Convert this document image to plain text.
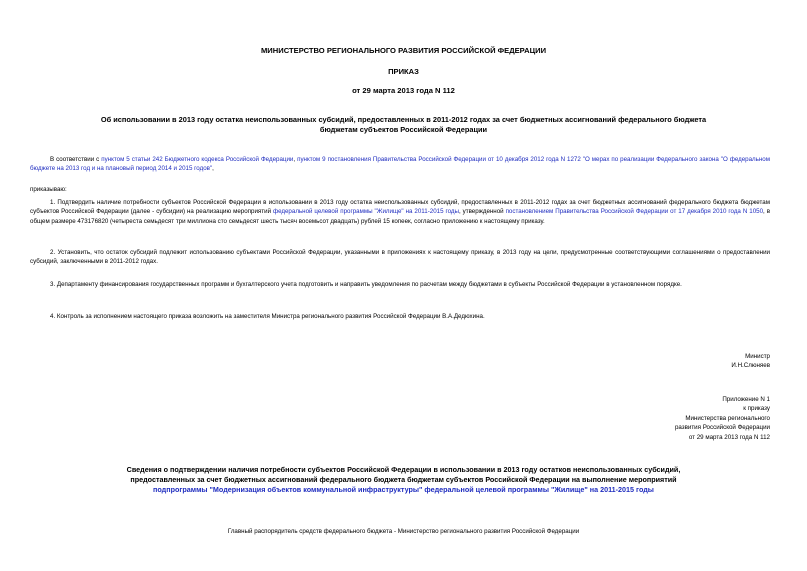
МИНИСТЕРСТВО РЕГИОНАЛЬНОГО РАЗВИТИЯ РОССИЙСКОЙ ФЕДЕРАЦИИ
ПРИКАЗ
от 29 марта 2013 года N 112
Об использовании в 2013 году остатка неиспользованных субсидий, предоставленных в 2011-2012 годах за счет бюджетных ассигнований федерального бюджета
бюджетам субъектов Российской Федерации
В соответствии с пунктом 5 статьи 242 Бюджетного кодекса Российской Федерации, пунктом 9 постановления Правительства Российской Федерации от 10 декабря 2012 года N 1272 "О мерах по реализации Федерального закона "О федеральном бюджете на 2013 год и на плановый период 2014 и 2015 годов",
приказываю:
1. Подтвердить наличие потребности субъектов Российской Федерации в использовании в 2013 году остатка неиспользованных субсидий, предоставленных в 2011-2012 годах за счет бюджетных ассигнований федерального бюджета бюджетам субъектов Российской Федерации (далее - субсидии) на реализацию мероприятий федеральной целевой программы "Жилище" на 2011-2015 годы, утвержденной постановлением Правительства Российской Федерации от 17 декабря 2010 года N 1050, в общем размере 473176820 (четыреста семьдесят три миллиона сто семьдесят шесть тысяч восемьсот двадцать) рублей 15 копеек, согласно приложению к настоящему приказу.
2. Установить, что остаток субсидий подлежит использованию субъектами Российской Федерации, указанными в приложениях к настоящему приказу, в 2013 году на цели, предусмотренные соответствующими соглашениями о предоставлении субсидий, заключенными в 2011-2012 годах.
3. Департаменту финансирования государственных программ и бухгалтерского учета подготовить и направить уведомления по расчетам между бюджетами в субъекты Российской Федерации в установленном порядке.
4. Контроль за исполнением настоящего приказа возложить на заместителя Министра регионального развития Российской Федерации В.А.Дедюхина.
Министр
И.Н.Слюняев
Приложение N 1
к приказу
Министерства регионального
развития Российской Федерации
от 29 марта 2013 года N 112
Сведения о подтверждении наличия потребности субъектов Российской Федерации в использовании в 2013 году остатков неиспользованных субсидий,
предоставленных за счет бюджетных ассигнований федерального бюджета бюджетам субъектов Российской Федерации на выполнение мероприятий
подпрограммы "Модернизация объектов коммунальной инфраструктуры" федеральной целевой программы "Жилище" на 2011-2015 годы
Главный распорядитель средств федерального бюджета - Министерство регионального развития Российской Федерации
